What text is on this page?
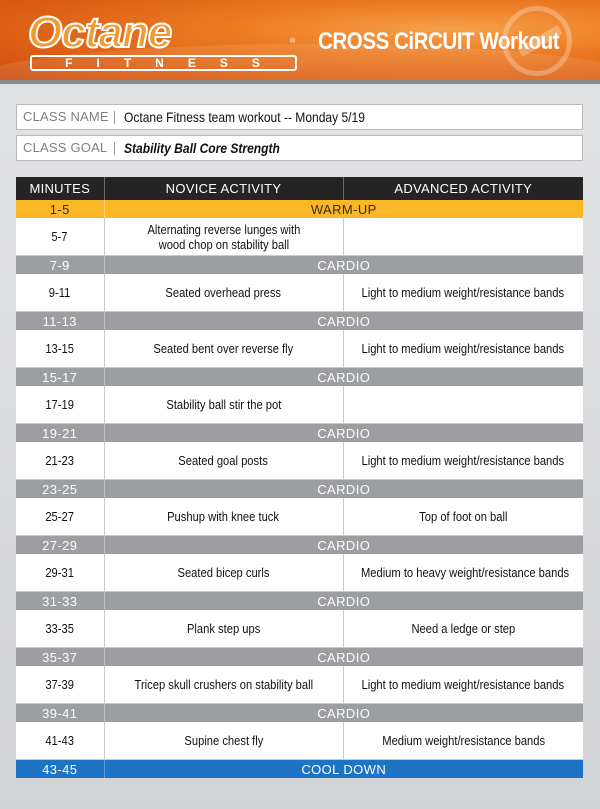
Octane	®
FITNESS
CROSS CiRCUIT Workout
CLASS NAME Octane Fitness team workout -- Monday 5/19
CLASS GOAL Stability Ball Core Strength
MINUTES	NOVICE ACTIVITY	ADVANCED ACTIVITY
1-5	WARM-UP	
5-7	Alternating reverse lunges with
wood chop on stability ball	
7-9	CARDIO	
9-11	Seated overhead press	Light to medium weight/resistance bands
11-13	CARDIO	
13-15	Seated bent over reverse fly	Light to medium weight/resistance bands
15-17	CARDIO	
17-19	Stability ball stir the pot	
19-21	CARDIO	
21-23	Seated goal posts	Light to medium weight/resistance bands
23-25	CARDIO	
25-27	Pushup with knee tuck	Top of foot on ball
27-29	CARDIO	
29-31	Seated bicep curls	Medium to heavy weight/resistance bands
31-33	CARDIO	
33-35	Plank step ups	Need a ledge or step
35-37	CARDIO	
37-39	Tricep skull crushers on stability ball	Light to medium weight/resistance bands
39-41	CARDIO	
41-43	Supine chest fly	Medium weight/resistance bands
43-45	COOL DOWN	
